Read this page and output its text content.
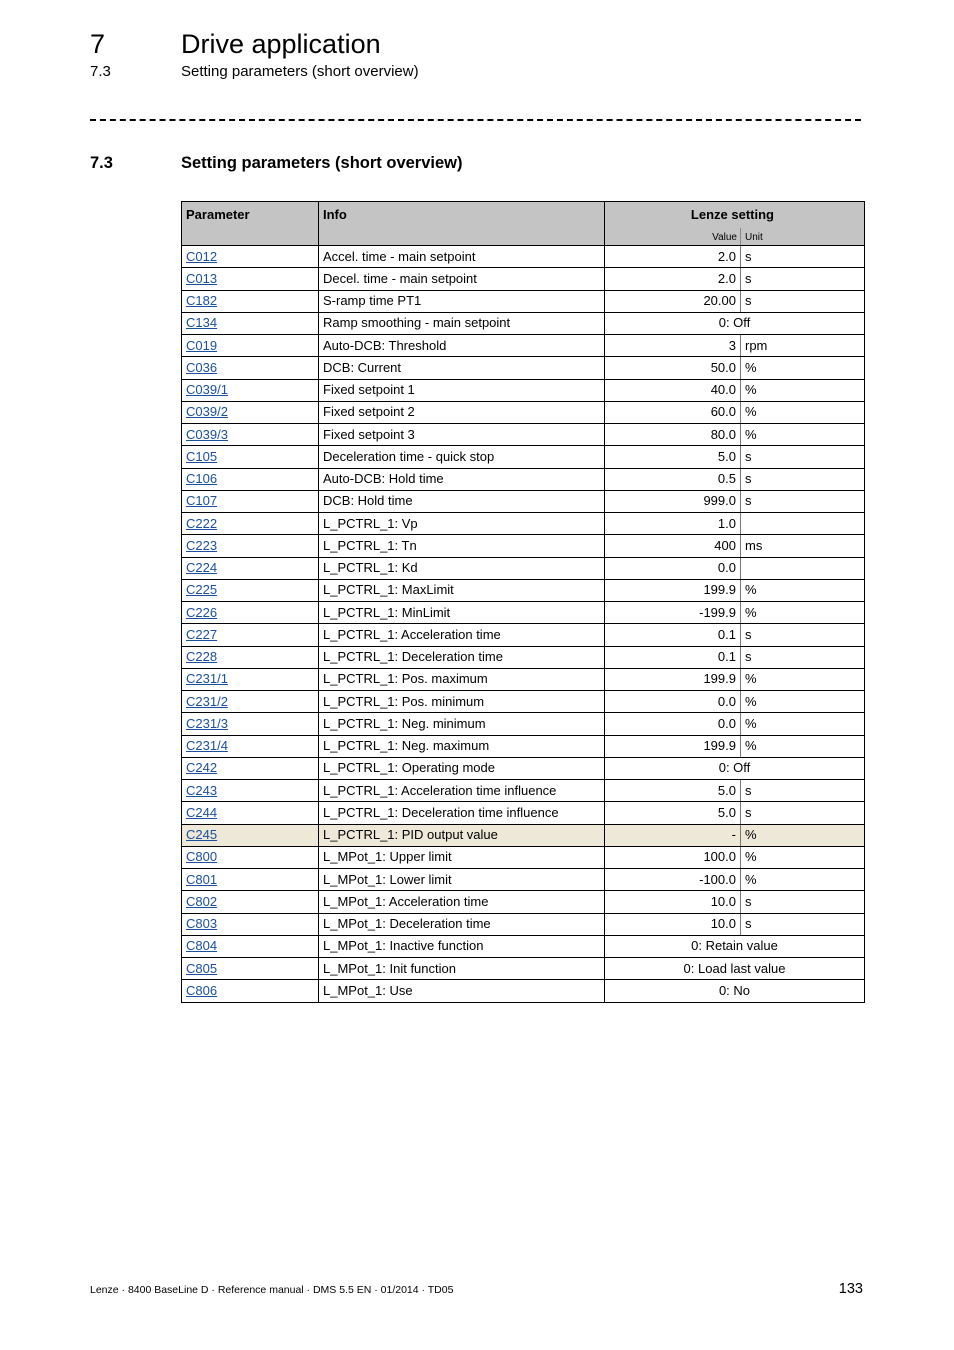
7	Drive application
7.3	Setting parameters (short overview)
7.3	Setting parameters (short overview)
Parameter	Info	Lenze setting
Value Unit	

C012	Accel. time - main setpoint	2.0	s
C013	Decel. time - main setpoint	2.0	s
C182	S-ramp time PT1	20.00	s
C134	Ramp smoothing - main setpoint	0: Off	
C019	Auto-DCB: Threshold	3	rpm
C036	DCB: Current	50.0	%
C039/1	Fixed setpoint 1	40.0	%
C039/2	Fixed setpoint 2	60.0	%
C039/3	Fixed setpoint 3	80.0	%
C105	Deceleration time - quick stop	5.0	s
C106	Auto-DCB: Hold time	0.5	s
C107	DCB: Hold time	999.0	s
C222	L_PCTRL_1: Vp	1.0	
C223	L_PCTRL_1: Tn	400	ms
C224	L_PCTRL_1: Kd	0.0	
C225	L_PCTRL_1: MaxLimit	199.9	%
C226	L_PCTRL_1: MinLimit	-199.9	%
C227	L_PCTRL_1: Acceleration time	0.1	s
C228	L_PCTRL_1: Deceleration time	0.1	s
C231/1	L_PCTRL_1: Pos. maximum	199.9	%
C231/2	L_PCTRL_1: Pos. minimum	0.0	%
C231/3	L_PCTRL_1: Neg. minimum	0.0	%
C231/4	L_PCTRL_1: Neg. maximum	199.9	%
C242	L_PCTRL_1: Operating mode	0: Off	
C243	L_PCTRL_1: Acceleration time influence	5.0	s
C244	L_PCTRL_1: Deceleration time influence	5.0	s
C245	L_PCTRL_1: PID output value	-	%
C800	L_MPot_1: Upper limit	100.0	%
C801	L_MPot_1: Lower limit	-100.0	%
C802	L_MPot_1: Acceleration time	10.0	s
C803	L_MPot_1: Deceleration time	10.0	s
C804	L_MPot_1: Inactive function	0: Retain value	
C805	L_MPot_1: Init function	0: Load last value	
C806	L_MPot_1: Use	0: No	
Lenze · 8400 BaseLine D · Reference manual · DMS 5.5 EN · 01/2014 · TD05	133
